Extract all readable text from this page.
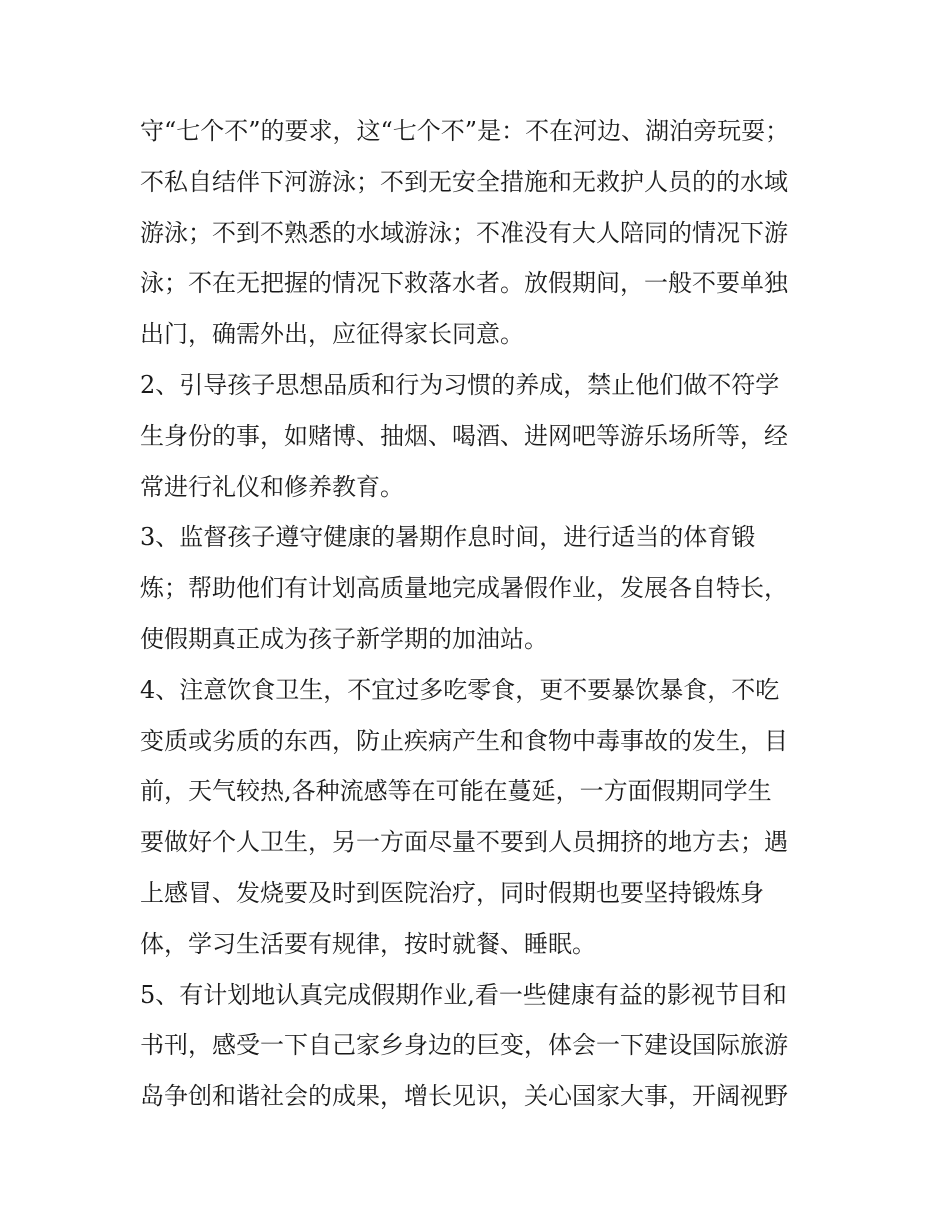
守“七个不”的要求，这“七个不”是：不在河边、湖泊旁玩耍；
不私自结伴下河游泳；不到无安全措施和无救护人员的的水域
游泳；不到不熟悉的水域游泳；不准没有大人陪同的情况下游
泳；不在无把握的情况下救落水者。放假期间，一般不要单独
出门，确需外出，应征得家长同意。
2、引导孩子思想品质和行为习惯的养成，禁止他们做不符学
生身份的事，如赌博、抽烟、喝酒、进网吧等游乐场所等，经
常进行礼仪和修养教育。
3、监督孩子遵守健康的暑期作息时间，进行适当的体育锻
炼；帮助他们有计划高质量地完成暑假作业，发展各自特长，
使假期真正成为孩子新学期的加油站。
4、注意饮食卫生，不宜过多吃零食，更不要暴饮暴食，不吃
变质或劣质的东西，防止疾病产生和食物中毒事故的发生，目
前，天气较热,各种流感等在可能在蔓延，一方面假期同学生
要做好个人卫生，另一方面尽量不要到人员拥挤的地方去；遇
上感冒、发烧要及时到医院治疗，同时假期也要坚持锻炼身
体，学习生活要有规律，按时就餐、睡眠。
5、有计划地认真完成假期作业,看一些健康有益的影视节目和
书刊，感受一下自己家乡身边的巨变，体会一下建设国际旅游
岛争创和谐社会的成果，增长见识，关心国家大事，开阔视野
